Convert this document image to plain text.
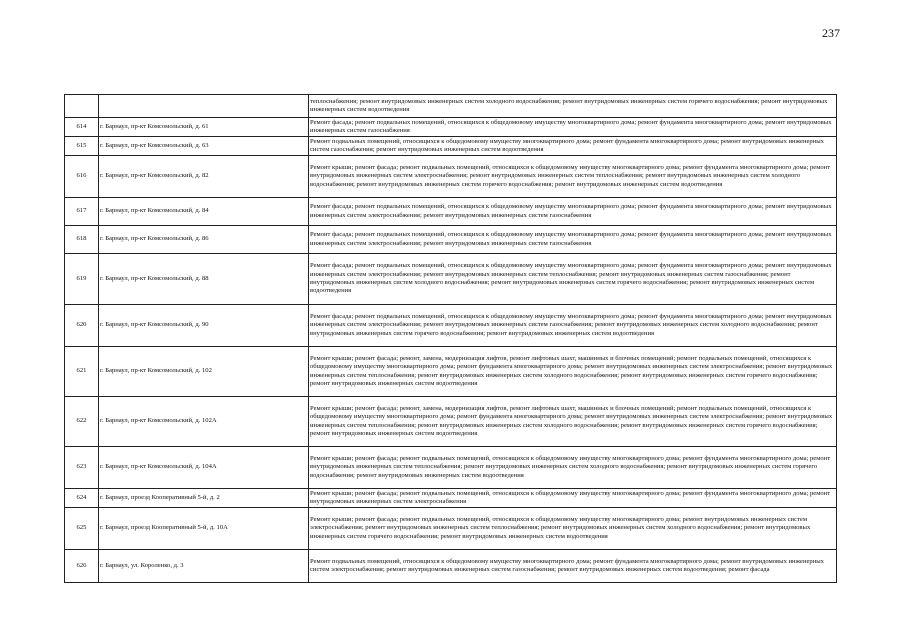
237
		теплоснабжения; ремонт внутридомовых инженерных систем холодного водоснабжения; ремонт внутридомовых инженерных систем горячего водоснабжения; ремонт внутридомовых инженерных систем водоотведения
614	г. Барнаул, пр-кт Комсомольский, д. 61	Ремонт фасада; ремонт подвальных помещений, относящихся к общедомовому имуществу многоквартирного дома; ремонт фундамента многоквартирного дома; ремонт внутридомовых инженерных систем газоснабжения
615	г. Барнаул, пр-кт Комсомольский, д. 63	Ремонт подвальных помещений, относящихся к общедомовому имуществу многоквартирного дома; ремонт фундамента многоквартирного дома; ремонт внутридомовых инженерных систем газоснабжения; ремонт внутридомовых инженерных систем водоотведения
616	г. Барнаул, пр-кт Комсомольский, д. 82	Ремонт крыши; ремонт фасада; ремонт подвальных помещений, относящихся к общедомовому имуществу многоквартирного дома; ремонт фундамента многоквартирного дома; ремонт внутридомовых инженерных систем электроснабжения; ремонт внутридомовых инженерных систем теплоснабжения; ремонт внутридомовых инженерных систем холодного водоснабжения; ремонт внутридомовых инженерных систем горячего водоснабжения; ремонт внутридомовых инженерных систем водоотведения
617	г. Барнаул, пр-кт Комсомольский, д. 84	Ремонт фасада; ремонт подвальных помещений, относящихся к общедомовому имуществу многоквартирного дома; ремонт фундамента многоквартирного дома; ремонт внутридомовых инженерных систем электроснабжения; ремонт внутридомовых инженерных систем газоснабжения
618	г. Барнаул, пр-кт Комсомольский, д. 86	Ремонт фасада; ремонт подвальных помещений, относящихся к общедомовому имуществу многоквартирного дома; ремонт фундамента многоквартирного дома; ремонт внутридомовых инженерных систем электроснабжения; ремонт внутридомовых инженерных систем газоснабжения
619	г. Барнаул, пр-кт Комсомольский, д. 88	Ремонт фасада; ремонт подвальных помещений, относящихся к общедомовому имуществу многоквартирного дома; ремонт фундамента многоквартирного дома; ремонт внутридомовых инженерных систем электроснабжения; ремонт внутридомовых инженерных систем теплоснабжения; ремонт внутридомовых инженерных систем газоснабжения; ремонт внутридомовых инженерных систем холодного водоснабжения; ремонт внутридомовых инженерных систем горячего водоснабжения; ремонт внутридомовых инженерных систем водоотведения
620	г. Барнаул, пр-кт Комсомольский, д. 90	Ремонт фасада; ремонт подвальных помещений, относящихся к общедомовому имуществу многоквартирного дома; ремонт фундамента многоквартирного дома; ремонт внутридомовых инженерных систем электроснабжения; ремонт внутридомовых инженерных систем газоснабжения; ремонт внутридомовых инженерных систем холодного водоснабжения; ремонт внутридомовых инженерных систем горячего водоснабжения; ремонт внутридомовых инженерных систем водоотведения
621	г. Барнаул, пр-кт Комсомольский, д. 102	Ремонт крыши; ремонт фасада; ремонт, замена, модернизация лифтов, ремонт лифтовых шахт, машинных и блочных помещений; ремонт подвальных помещений, относящихся к общедомовому имуществу многоквартирного дома; ремонт фундамента многоквартирного дома; ремонт внутридомовых инженерных систем электроснабжения; ремонт внутридомовых инженерных систем теплоснабжения; ремонт внутридомовых инженерных систем холодного водоснабжения; ремонт внутридомовых инженерных систем горячего водоснабжения; ремонт внутридомовых инженерных систем водоотведения
622	г. Барнаул, пр-кт Комсомольский, д. 102А	Ремонт крыши; ремонт фасада; ремонт, замена, модернизация лифтов, ремонт лифтовых шахт, машинных и блочных помещений; ремонт подвальных помещений, относящихся к общедомовому имуществу многоквартирного дома; ремонт фундамента многоквартирного дома; ремонт внутридомовых инженерных систем электроснабжения; ремонт внутридомовых инженерных систем теплоснабжения; ремонт внутридомовых инженерных систем холодного водоснабжения; ремонт внутридомовых инженерных систем горячего водоснабжения; ремонт внутридомовых инженерных систем водоотведения
623	г. Барнаул, пр-кт Комсомольский, д. 104А	Ремонт крыши; ремонт фасада; ремонт подвальных помещений, относящихся к общедомовому имуществу многоквартирного дома; ремонт фундамента многоквартирного дома; ремонт внутридомовых инженерных систем теплоснабжения; ремонт внутридомовых инженерных систем холодного водоснабжения; ремонт внутридомовых инженерных систем горячего водоснабжения; ремонт внутридомовых инженерных систем водоотведения
624	г. Барнаул, проезд Кооперативный 5-й, д. 2	Ремонт крыши; ремонт фасада; ремонт подвальных помещений, относящихся к общедомовому имуществу многоквартирного дома; ремонт фундамента многоквартирного дома; ремонт внутридомовых инженерных систем электроснабжения
625	г. Барнаул, проезд Кооперативный 5-й, д. 10А	Ремонт крыши; ремонт фасада; ремонт подвальных помещений, относящихся к общедомовому имуществу многоквартирного дома; ремонт внутридомовых инженерных систем электроснабжения; ремонт внутридомовых инженерных систем теплоснабжения; ремонт внутридомовых инженерных систем холодного водоснабжения; ремонт внутридомовых инженерных систем горячего водоснабжения; ремонт внутридомовых инженерных систем водоотведения
626	г. Барнаул, ул. Короленко, д. 3	Ремонт подвальных помещений, относящихся к общедомовому имуществу многоквартирного дома; ремонт фундамента многоквартирного дома; ремонт внутридомовых инженерных систем электроснабжения; ремонт внутридомовых инженерных систем газоснабжения; ремонт внутридомовых инженерных систем водоотведения; ремонт фасада
